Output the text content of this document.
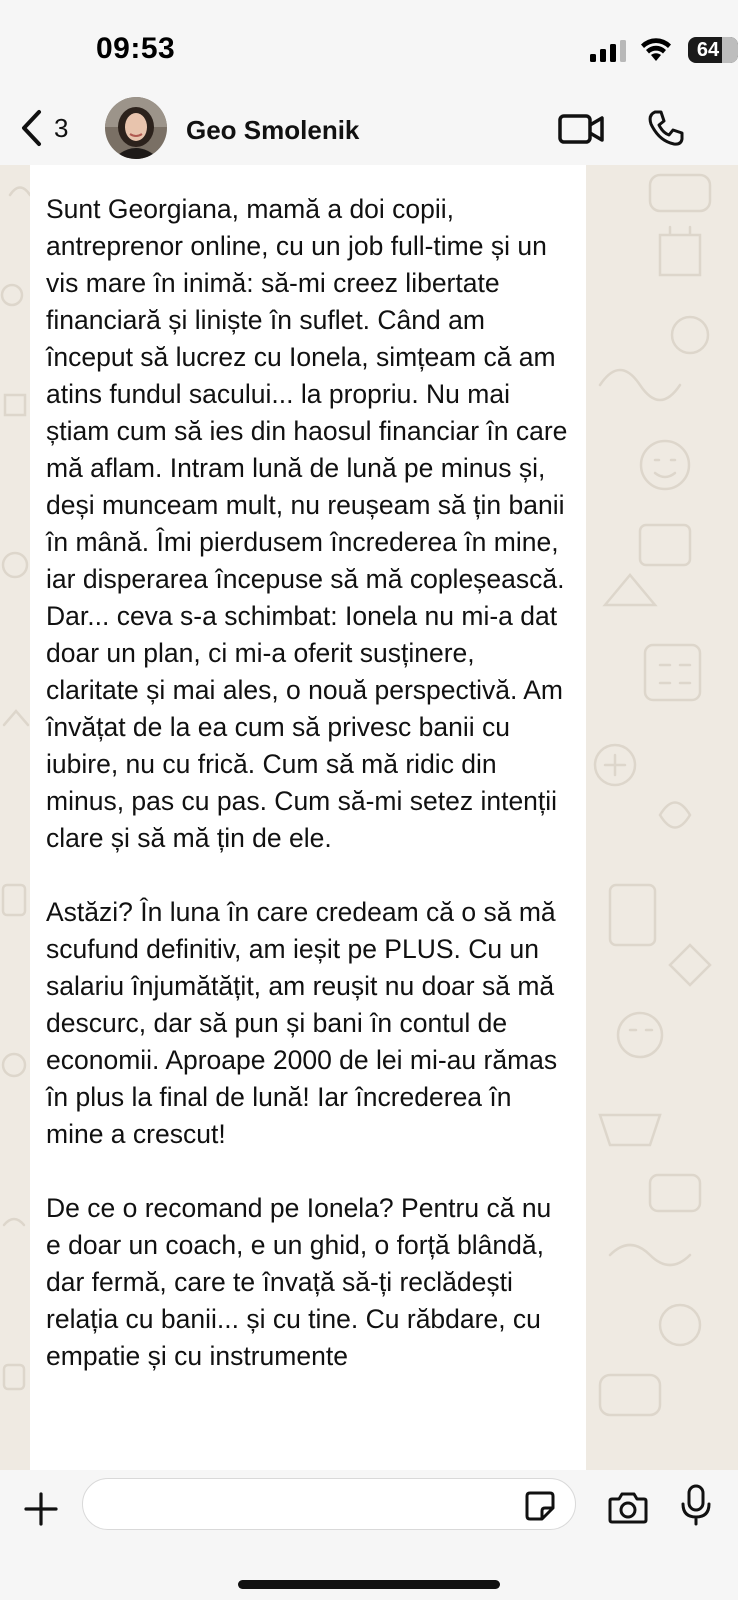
09:53	64
3	Geo Smolenik

Sunt Georgiana, mamă a doi copii, antreprenor online, cu un job full-time și un vis mare în inimă: să-mi creez libertate financiară și liniște în suflet. Când am început să lucrez cu Ionela, simțeam că am atins fundul sacului... la propriu. Nu mai știam cum să ies din haosul financiar în care mă aflam. Intram lună de lună pe minus și, deși munceam mult, nu reușeam să țin banii în mână. Îmi pierdusem încrederea în mine, iar disperarea începuse să mă copleșească. Dar... ceva s-a schimbat: Ionela nu mi-a dat doar un plan, ci mi-a oferit susținere, claritate și mai ales, o nouă perspectivă. Am învățat de la ea cum să privesc banii cu iubire, nu cu frică. Cum să mă ridic din minus, pas cu pas. Cum să-mi setez intenții clare și să mă țin de ele.

Astăzi? În luna în care credeam că o să mă scufund definitiv, am ieșit pe PLUS. Cu un salariu înjumătățit, am reușit nu doar să mă descurc, dar să pun și bani în contul de economii. Aproape 2000 de lei mi-au rămas în plus la final de lună! Iar încrederea în mine a crescut!

De ce o recomand pe Ionela? Pentru că nu e doar un coach, e un ghid, o forță blândă, dar fermă, care te învață să-ți reclădești relația cu banii... și cu tine. Cu răbdare, cu empatie și cu instrumente
